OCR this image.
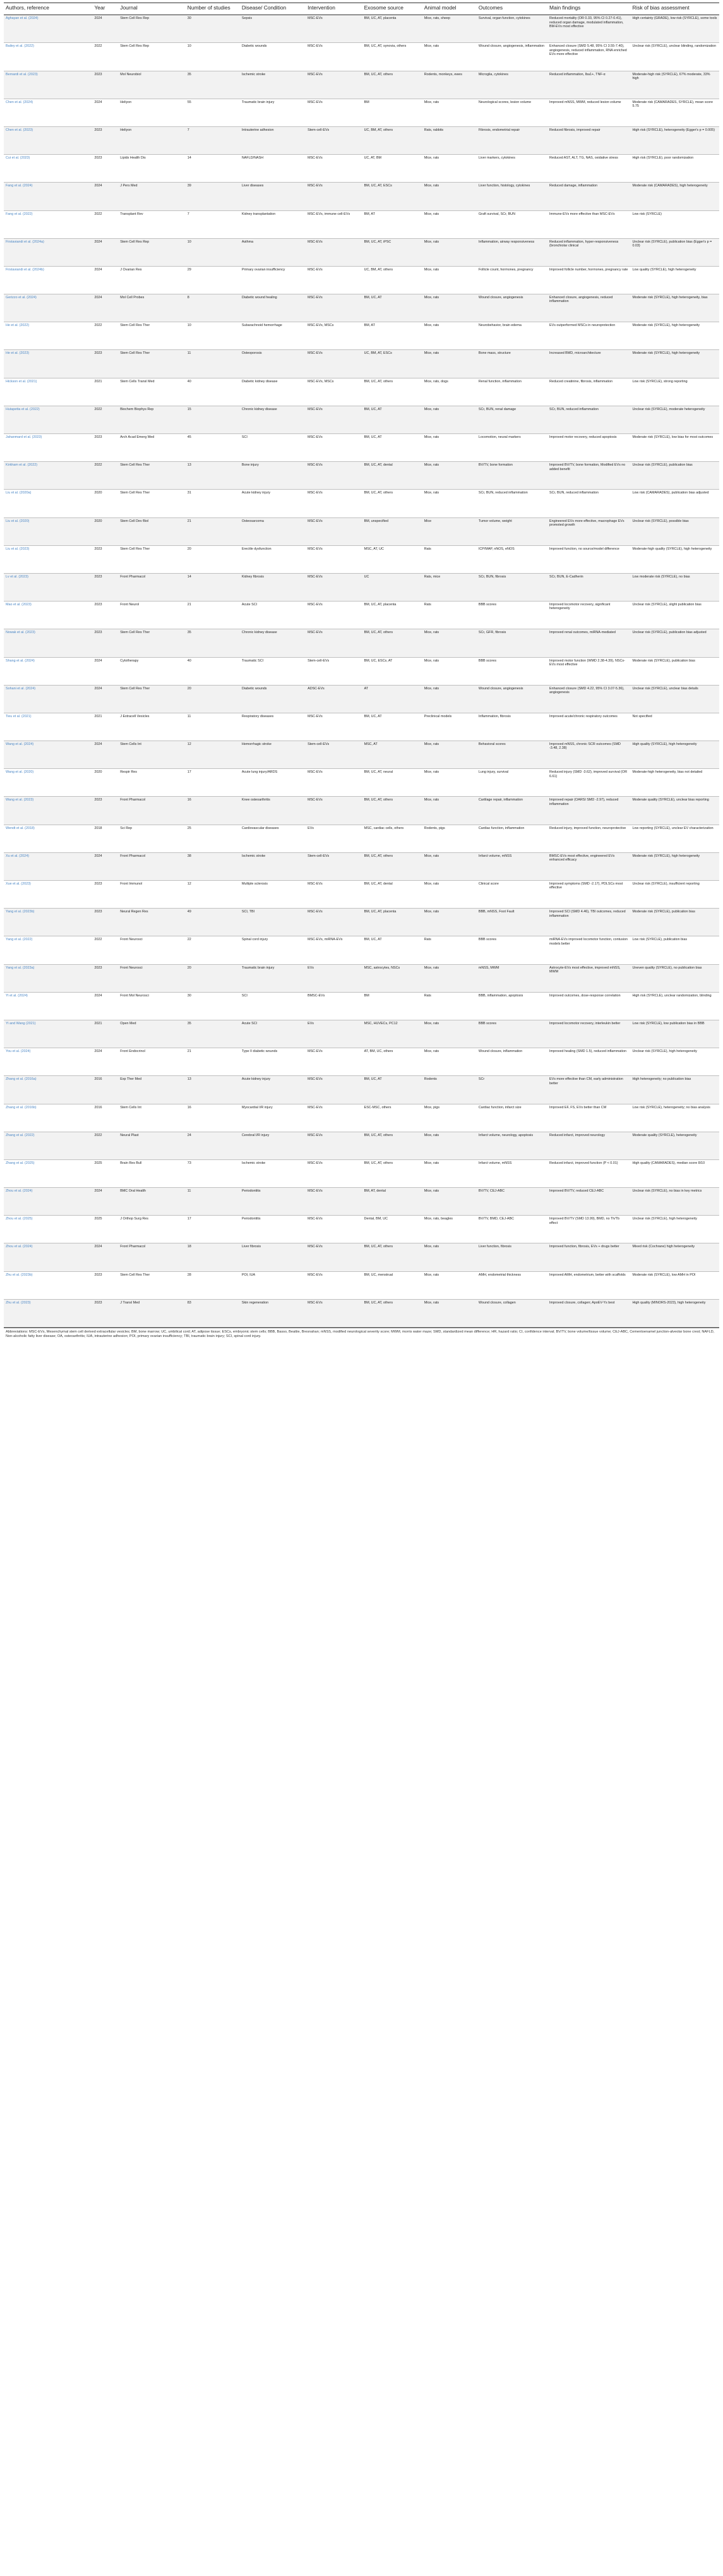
Authors, reference	Year	Journal	Number of studies	Disease/ Condition	Intervention	Exosome source	Animal model	Outcomes	Main findings	Risk of bias assessment
Aghayan et al. (2024)	2024	Stem Cell Res Rep	30	Sepsis	MSC-EVs	BM, UC, AT, placenta	Mice, rats, sheep	Survival, organ function, cytokines	Reduced mortality (OR 0.33, 95% CI 0.27-0.41), reduced organ damage, modulated inflammation, BM-EVs most effective	High certainty (GRADE), low risk (SYRCLE), some tools
Bailey et al. (2022)	2022	Stem Cell Res Rep	10	Diabetic wounds	MSC-EVs	BM, UC, AT, synovia, others	Mice, rats	Wound closure, angiogenesis, inflammation	Enhanced closure (SMD 5.48, 95% CI 3.55-7.40), angiogenesis, reduced inflammation, RNA enriched EVs more effective	Unclear risk (SYRCLE), unclear blinding, randomization
Bernardi et al. (2023)	2023	Mol Neurobiol	35	Ischemic stroke	MSC-EVs	BM, UC, AT, others	Rodents, monkeys, ewes	Microglia, cytokines	Reduced inflammation, Iba1+, TNF-α	Moderate-high risk (SYRCLE), 67% moderate, 33% high
Chen et al. (2024)	2024	Heliyon	55	Traumatic brain injury	MSC-EVs	BM	Mice, rats	Neurological scores, lesion volume	Improved mNSS, MWM, reduced lesion volume	Moderate risk (CAMARADES, SYRCLE), mean score 5.75
Chen et al. (2023)	2023	Heliyon	7	Intrauterine adhesion	Stem-cell-EVs	UC, BM, AT, others	Rats, rabbits	Fibrosis, endometrial repair	Reduced fibrosis, improved repair	High risk (SYRCLE), heterogeneity (Egger's p = 0.005)
Cui et al. (2023)	2023	Lipids Health Dis	14	NAFLD/NASH	MSC-EVs	UC, AT, BM	Mice, rats	Liver markers, cytokines	Reduced AST, ALT, TG, NAS, oxidative stress	High risk (SYRCLE), poor randomization
Fang et al. (2024)	2024	J Pers Med	39	Liver diseases	MSC-EVs	BM, UC, AT, ESCs	Mice, rats	Liver function, histology, cytokines	Reduced damage, inflammation	Moderate risk (CAMARADES), high heterogeneity
Fang et al. (2022)	2022	Transplant Rev	7	Kidney transplantation	MSC-EVs, immune cell-EVs	BM, AT	Mice, rats	Graft survival, SCr, BUN	Immune-EVs more effective than MSC-EVs	Low risk (SYRCLE)
Firstaviandi et al. (2024a)	2024	Stem Cell Res Rep	10	Asthma	MSC-EVs	BM, UC, AT, iPSC	Mice, rats	Inflammation, airway responsiveness	Reduced inflammation, hyper-responsiveness (bronchiolar clinical	Unclear risk (SYRCLE), publication bias (Egger's p = 0.03)
Firstaviandi et al. (2024b)	2024	J Ovarian Res	29	Primary ovarian insufficiency	MSC-EVs	UC, BM, AT, others	Mice, rats	Follicle count, hormones, pregnancy	Improved follicle number, hormones, pregnancy rate	Low quality (SYRCLE), high heterogeneity
Gerizzo et al. (2024)	2024	Mol Cell Probes	8	Diabetic wound healing	MSC-EVs	BM, UC, AT	Mice, rats	Wound closure, angiogenesis	Enhanced closure, angiogenesis, reduced inflammation	Moderate risk (SYRCLE), high heterogeneity, bias
He et al. (2022)	2022	Stem Cell Res Ther	10	Subarachnoid hemorrhage	MSC-EVs, MSCs	BM, AT	Mice, rats	Neurobehavior, brain edema	EVs outperformed MSCs in neuroprotection	Moderate risk (SYRCLE), high heterogeneity
He et al. (2023)	2023	Stem Cell Res Ther	11	Osteoporosis	MSC-EVs	UC, BM, AT, ESCs	Mice, rats	Bone mass, structure	Increased BMD, microarchitecture	Moderate risk (SYRCLE), high heterogeneity
Hickson et al. (2021)	2021	Stem Cells Transl Med	40	Diabetic kidney disease	MSC-EVs, MSCs	BM, UC, AT, others	Mice, rats, dogs	Renal function, inflammation	Reduced creatinine, fibrosis, inflammation	Low risk (SYRCLE), strong reporting
Hutapetta et al. (2022)	2022	Biochem Biophys Rep	15	Chronic kidney disease	MSC-EVs	BM, UC, AT	Mice, rats	SCr, BUN, renal damage	SCr, BUN, reduced inflammation	Unclear risk (SYRCLE), moderate heterogeneity
Jahanmard et al. (2023)	2023	Arch Acad Emerg Med	45	SCI	MSC-EVs	BM, UC, AT	Mice, rats	Locomotion, neural markers	Improved motor recovery, reduced apoptosis	Moderate risk (SYRCLE), low bias for most outcomes
Kirkham et al. (2022)	2022	Stem Cell Res Ther	13	Bone injury	MSC-EVs	BM, UC, AT, dental	Mice, rats	BV/TV, bone formation	Improved BV/TV, bone formation, Modified EVs no added benefit	Unclear risk (SYRCLE), publication bias
Liu et al. (2020a)	2020	Stem Cell Res Ther	31	Acute kidney injury	MSC-EVs	BM, UC, AT, others	Mice, rats	SCr, BUN, reduced inflammation	SCr, BUN, reduced inflammation	Low risk (CAMARADES), publication bias adjusted
Liu et al. (2020)	2020	Stem Cell Dev Biol	21	Osteosarcoma	MSC-EVs	BM, unspecified	Mice	Tumor volume, weight	Engineered EVs more effective, macrophage EVs promoted growth	Unclear risk (SYRCLE), possible bias
Liu et al. (2023)	2023	Stem Cell Res Ther	20	Erectile dysfunction	MSC-EVs	MSC, AT, UC	Rats	ICP/MAP, nNOS, eNOS	Improved function, no source/model difference	Moderate-high quality (SYRCLE), high heterogeneity
Lv et al. (2023)	2023	Front Pharmacol	14	Kidney fibrosis	MSC-EVs	UC	Rats, mice	SCr, BUN, fibrosis	SCr, BUN, E-Cadherin	Low moderate risk (SYRCLE), no bias
Mao et al. (2023)	2023	Front Neurol	21	Acute SCI	MSC-EVs	BM, UC, AT, placenta	Rats	BBB scores	Improved locomotor recovery, significant heterogeneity	Unclear risk (SYRCLE), slight publication bias
Nowak et al. (2023)	2023	Stem Cell Res Ther	35	Chronic kidney disease	MSC-EVs	BM, UC, AT, others	Mice, rats	SCr, GFR, fibrosis	Improved renal outcomes, miRNA-mediated	Unclear risk (SYRCLE), publication bias adjusted
Shang et al. (2024)	2024	Cytotherapy	40	Traumatic SCI	Stem-cell-EVs	BM, UC, ESCs, AT	Mice, rats	BBB scores	Improved motor function (WMD 2.38-4.39), NSCs-EVs most effective	Moderate risk (SYRCLE), publication bias
Sohani et al. (2024)	2024	Stem Cell Res Ther	20	Diabetic wounds	ADSC-EVs	AT	Mice, rats	Wound closure, angiogenesis	Enhanced closure (SMD 4.22, 95% CI 3.07-5.36), angiogenesis	Unclear risk (SYRCLE), unclear bias details
Tieu et al. (2021)	2021	J Extracell Vesicles	11	Respiratory diseases	MSC-EVs	BM, UC, AT	Preclinical models	Inflammation, fibrosis	Improved acute/chronic respiratory outcomes	Not specified
Wang et al. (2024)	2024	Stem Cells Int	12	Hemorrhagic stroke	Stem-cell-EVs	MSC, AT	Mice, rats	Behavioral scores	Improved mNSS, chronic SCR outcomes (SMD -3.48, 2.38)	High quality (SYRCLE), high heterogeneity
Wang et al. (2020)	2020	Respir Res	17	Acute lung injury/ARDS	MSC-EVs	BM, UC, AT, neural	Mice, rats	Lung injury, survival	Reduced injury (SMD -3.62), improved survival (OR 6.61)	Moderate-high heterogeneity, bias not detailed
Wang et al. (2023)	2023	Front Pharmacol	16	Knee osteoarthritis	MSC-EVs	BM, UC, AT, others	Mice, rats	Cartilage repair, inflammation	Improved repair (OARSI SMD -2.97), reduced inflammation	Moderate quality (SYRCLE), unclear bias reporting
Wendt et al. (2018)	2018	Sci Rep	25	Cardiovascular diseases	EVs	MSC, cardiac cells, others	Rodents, pigs	Cardiac function, inflammation	Reduced injury, improved function, neuroprotective	Low reporting (SYRCLE), unclear EV characterization
Xu et al. (2024)	2024	Front Pharmacol	38	Ischemic stroke	Stem-cell-EVs	BM, UC, AT, others	Mice, rats	Infarct volume, mNSS	BMSC-EVs most effective, engineered EVs enhanced efficacy	Moderate risk (SYRCLE), high heterogeneity
Xue et al. (2023)	2023	Front Immunol	12	Multiple sclerosis	MSC-EVs	BM, UC, AT, dental	Mice, rats	Clinical score	Improved symptoms (SMD -2.17), PDLSCs most effective	Unclear risk (SYRCLE), insufficient reporting
Yang et al. (2023b)	2023	Neural Regen Res	49	SCI, TBI	MSC-EVs	BM, UC, AT, placenta	Mice, rats	BBB, mNSS, Foot Fault	Improved SCI (SMD 4.46), TBI outcomes, reduced inflammation	Moderate risk (SYRCLE), publication bias
Yang et al. (2022)	2022	Front Neurosci	22	Spinal cord injury	MSC-EVs, miRNA-EVs	BM, UC, AT	Rats	BBB scores	miRNA-EVs improved locomotor function, contusion models better	Low risk (SYRCLE), publication bias
Yang et al. (2023a)	2023	Front Neurosci	20	Traumatic brain injury	EVs	MSC, astrocytes, NSCs	Mice, rats	mNSS, MWM	Astrocyte-EVs most effective, improved mNSS, MWM	Uneven quality (SYRCLE), no publication bias
Yi et al. (2024)	2024	Front Mol Neurosci	30	SCI	BMSC-EVs	BM	Rats	BBB, inflammation, apoptosis	Improved outcomes, dose-response correlation	High risk (SYRCLE), unclear randomization, blinding
Yi and Wang (2021)	2021	Open Med	35	Acute SCI	EVs	MSC, HUVECs, PC12	Mice, rats	BBB scores	Improved locomotor recovery, interleukin better	Low risk (SYRCLE), low publication bias in BBB
You et al. (2024)	2024	Front Endocrinol	21	Type II diabetic wounds	MSC-EVs	AT, BM, UC, others	Mice, rats	Wound closure, inflammation	Improved healing (SMD 1.5), reduced inflammation	Unclear risk (SYRCLE), high heterogeneity
Zhang et al. (2016a)	2016	Exp Ther Med	13	Acute kidney injury	MSC-EVs	BM, UC, AT	Rodents	SCr	EVs more effective than CM, early administration better	High heterogeneity; no publication bias
Zhang et al. (2016b)	2016	Stem Cells Int	16	Myocardial I/R injury	MSC-EVs	ESC-MSC, others	Mice, pigs	Cardiac function, infarct size	Improved EF, FS, EVs better than CM	Low risk (SYRCLE), heterogeneity; no bias analysis
Zhang et al. (2022)	2022	Neural Plast	24	Cerebral I/R injury	MSC-EVs	BM, UC, AT, others	Mice, rats	Infarct volume, neurology, apoptosis	Reduced infarct, improved neurology	Moderate quality (SYRCLE), heterogeneity
Zhang et al. (2025)	2025	Brain Res Bull	73	Ischemic stroke	MSC-EVs	BM, UC, AT, others	Mice, rats	Infarct volume, mNSS	Reduced infarct, improved function (P < 0.01)	High quality (CAMARADES), median score 8/10
Zhou et al. (2024)	2024	BMC Oral Health	11	Periodontitis	MSC-EVs	BM, AT, dental	Mice, rats	BV/TV, CEJ-ABC	Improved BV/TV, reduced CEJ-ABC	Unclear risk (SYRCLE), no bias in key metrics
Zhou et al. (2025)	2025	J Orthop Surg Res	17	Periodontitis	MSC-EVs	Dental, BM, UC	Mice, rats, beagles	BV/TV, BMD, CEJ-ABC	Improved BV/TV (SMD 13.99), BMD, no Th/Tb effect	Unclear risk (SYRCLE), high heterogeneity
Zhou et al. (2024)	2024	Front Pharmacol	18	Liver fibrosis	MSC-EVs	BM, UC, AT, others	Mice, rats	Liver function, fibrosis	Improved function, fibrosis, EVs + drugs better	Mixed risk (Cochrane) high heterogeneity
Zhu et al. (2023b)	2023	Stem Cell Res Ther	28	POI, IUA	MSC-EVs	BM, UC, menstrual	Mice, rats	AMH, endometrial thickness	Improved AMH, endometrium, better with scaffolds	Moderate risk (SYRCLE), low AMH in POI
Zhu et al. (2023)	2023	J Transl Med	83	Skin regeneration	MSC-EVs	BM, UC, AT, others	Mice, rats	Wound closure, collagen	Improved closure, collagen; ApoEV-Ys best	High quality (MINORS-2023), high heterogeneity
Abbreviations: MSC-EVs, Mesenchymal stem cell derived extracellular vesicles; BM, bone marrow; UC, umbilical cord; AT, adipose tissue; ESCs, embryonic stem cells; BBB, Basso, Beattie, Bresnahan; mNSS, modified neurological severity score; MWM, morris water maze; SMD, standardized mean difference; HR, hazard ratio; CI, confidence interval; BV/TV, bone volume/tissue volume; CEJ-ABC, Cementoenamel junction-alveolar bone crest; NAFLD, Non-alcoholic fatty liver disease; OA, osteoarthritis; IUA, intrauterine adhesion; POI, primary ovarian insufficiency; TBI, traumatic brain injury; SCI, spinal cord injury.
